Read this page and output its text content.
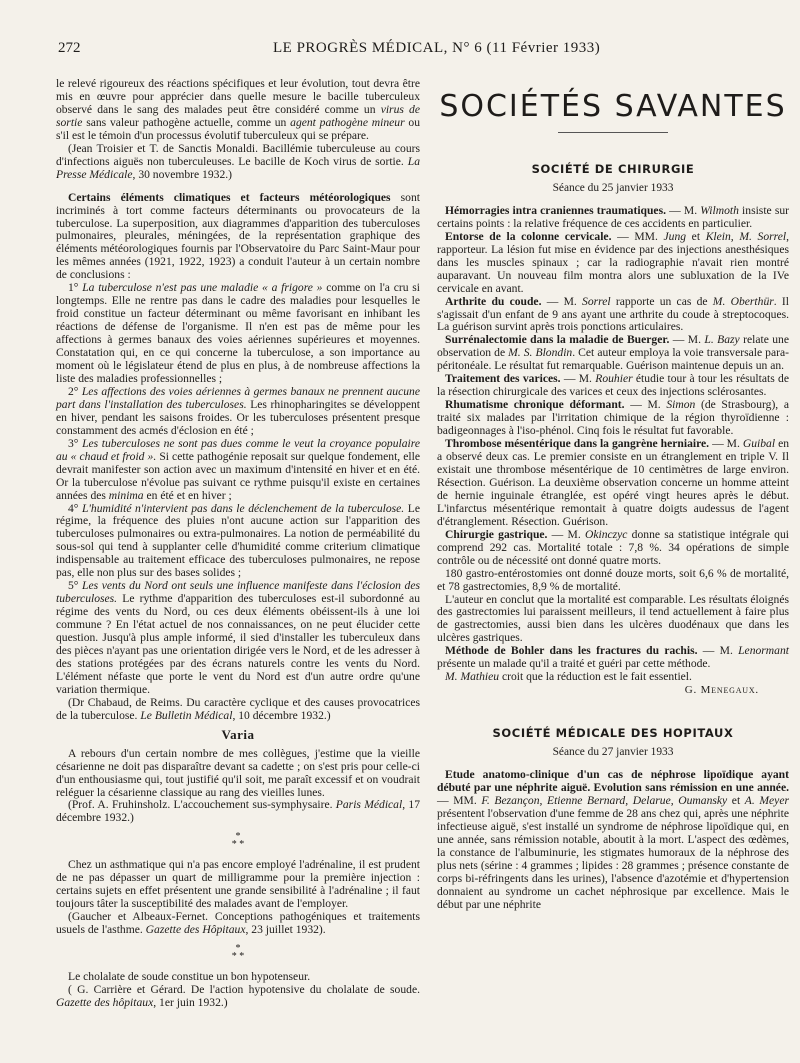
272	LE PROGRÈS MÉDICAL, N° 6 (11 Février 1933)

le relevé rigoureux des réactions spécifiques et leur évolution, tout devra être mis en œuvre pour apprécier dans quelle mesure le bacille tuberculeux observé dans le sang des malades peut être considéré comme un virus de sortie sans valeur pathogène actuelle, comme un agent pathogène mineur ou s'il est le témoin d'un processus évolutif tuberculeux qui se prépare.

(Jean Troisier et T. de Sanctis Monaldi. Bacillémie tuberculeuse au cours d'infections aiguës non tuberculeuses. Le bacille de Koch virus de sortie. La Presse Médicale, 30 novembre 1932.)

Certains éléments climatiques et facteurs météorologiques sont incriminés à tort comme facteurs déterminants ou provocateurs de la tuberculose. La superposition, aux diagrammes d'apparition des tuberculoses pulmonaires, pleurales, méningées, de la représentation graphique des éléments météorologiques fournis par l'Observatoire du Parc Saint-Maur pour les mêmes années (1921, 1922, 1923) a conduit l'auteur à un certain nombre de conclusions :

1° La tuberculose n'est pas une maladie « a frigore » comme on l'a cru si longtemps. Elle ne rentre pas dans le cadre des maladies pour lesquelles le froid constitue un facteur déterminant ou même favorisant en inhibant les réactions de défense de l'organisme. Il n'en est pas de même pour les affections à germes banaux des voies aériennes supérieures et moyennes. Constatation qui, en ce qui concerne la tuberculose, a son importance au moment où le législateur étend de plus en plus, à de nombreuse affections la liste des maladies professionnelles ;

2° Les affections des voies aériennes à germes banaux ne prennent aucune part dans l'installation des tuberculoses. Les rhinopharingites se développent en hiver, pendant les saisons froides. Or les tuberculoses présentent presque constamment des acmés d'éclosion en été ;

3° Les tuberculoses ne sont pas dues comme le veut la croyance populaire au « chaud et froid ». Si cette pathogénie reposait sur quelque fondement, elle devrait manifester son action avec un maximum d'intensité en hiver et en été. Or la tuberculose n'évolue pas suivant ce rythme puisqu'il existe en certaines années des minima en été et en hiver ;

4° L'humidité n'intervient pas dans le déclenchement de la tuberculose. Le régime, la fréquence des pluies n'ont aucune action sur l'apparition des tuberculoses pulmonaires ou extra-pulmonaires. La notion de perméabilité du sous-sol qui tend à supplanter celle d'humidité comme criterium climatique indispensable au traitement efficace des tuberculoses pulmonaires, ne repose pas, elle non plus sur des bases solides ;

5° Les vents du Nord ont seuls une influence manifeste dans l'éclosion des tuberculoses. Le rythme d'apparition des tuberculoses est-il subordonné au régime des vents du Nord, ou ces deux éléments obéissent-ils à une loi commune ? En l'état actuel de nos connaissances, on ne peut élucider cette question. Jusqu'à plus ample informé, il sied d'installer les tuberculeux dans des pièces n'ayant pas une orientation dirigée vers le Nord, et de les adresser à des stations protégées par des écrans naturels contre les vents du Nord. L'élément néfaste que porte le vent du Nord est d'un autre ordre qu'une variation thermique.

(Dr Chabaud, de Reims. Du caractère cyclique et des causes provocatrices de la tuberculose. Le Bulletin Médical, 10 décembre 1932.)

Varia

A rebours d'un certain nombre de mes collègues, j'estime que la vieille césarienne ne doit pas disparaître devant sa cadette ; on s'est pris pour celle-ci d'un enthousiasme qui, tout justifié qu'il soit, me paraît excessif et on voudrait reléguer la césarienne classique au rang des vieilles lunes.

(Prof. A. Fruhinsholz. L'accouchement sus-symphysaire. Paris Médical, 17 décembre 1932.)

*
* *

Chez un asthmatique qui n'a pas encore employé l'adrénaline, il est prudent de ne pas dépasser un quart de milligramme pour la première injection : certains sujets en effet présentent une grande sensibilité à l'adrénaline ; il faut toujours tâter la susceptibilité des malades avant de l'employer.

(Gaucher et Albeaux-Fernet. Conceptions pathogéniques et traitements usuels de l'asthme. Gazette des Hôpitaux, 23 juillet 1932).

*
* *

Le cholalate de soude constitue un bon hypotenseur.

( G. Carrière et Gérard. De l'action hypotensive du cholalate de soude. Gazette des hôpitaux, 1er juin 1932.)

SOCIÉTÉS SAVANTES
SOCIÉTÉ DE CHIRURGIE
Séance du 25 janvier 1933

Hémorragies intra craniennes traumatiques. — M. Wilmoth insiste sur certains points : la relative fréquence de ces accidents en particulier.

Entorse de la colonne cervicale. — MM. Jung et Klein, M. Sorrel, rapporteur. La lésion fut mise en évidence par des injections anesthésiques dans les muscles spinaux ; car la radiographie n'avait rien montré auparavant. Un nouveau film montra alors une subluxation de la IVe cervicale en avant.

Arthrite du coude. — M. Sorrel rapporte un cas de M. Oberthür. Il s'agissait d'un enfant de 9 ans ayant une arthrite du coude à streptocoques. La guérison survint après trois ponctions articulaires.

Surrénalectomie dans la maladie de Buerger. — M. L. Bazy relate une observation de M. S. Blondin. Cet auteur employa la voie transversale para-péritonéale. Le résultat fut remarquable. Guérison maintenue depuis un an.

Traitement des varices. — M. Rouhier étudie tour à tour les résultats de la résection chirurgicale des varices et ceux des injections sclérosantes.

Rhumatisme chronique déformant. — M. Simon (de Strasbourg), a traité six malades par l'irritation chimique de la région thyroïdienne : badigeonnages à l'iso-phénol. Cinq fois le résultat fut favorable.

Thrombose mésentérique dans la gangrène herniaire. — M. Guibal en a observé deux cas. Le premier consiste en un étranglement en triple V. Il existait une thrombose mésentérique de 10 centimètres de large environ. Résection. Guérison. La deuxième observation concerne un homme atteint de hernie inguinale étranglée, est opéré vingt heures après le début. L'infarctus mésentérique remontait à quatre doigts audessus de l'agent d'étranglement. Résection. Guérison.

Chirurgie gastrique. — M. Okinczyc donne sa statistique intégrale qui comprend 292 cas. Mortalité totale : 7,8 %. 34 opérations de simple contrôle ou de nécessité ont donné quatre morts.

180 gastro-entérostomies ont donné douze morts, soit 6,6 % de mortalité, et 78 gastrectomies, 8,9 % de mortalité.

L'auteur en conclut que la mortalité est comparable. Les résultats éloignés des gastrectomies lui paraissent meilleurs, il tend actuellement à faire plus de gastrectomies, aussi bien dans les ulcères duodénaux que dans les ulcères gastriques.

Méthode de Bohler dans les fractures du rachis. — M. Lenormant présente un malade qu'il a traité et guéri par cette méthode.

M. Mathieu croit que la réduction est le fait essentiel.

G. Menegaux.
SOCIÉTÉ MÉDICALE DES HOPITAUX
Séance du 27 janvier 1933

Etude anatomo-clinique d'un cas de néphrose lipoïdique ayant débuté par une néphrite aiguë. Evolution sans rémission en une année. — MM. F. Bezançon, Etienne Bernard, Delarue, Oumansky et A. Meyer présentent l'observation d'une femme de 28 ans chez qui, après une néphrite infectieuse aiguë, s'est installé un syndrome de néphrose lipoïdique qui, en une année, sans rémission notable, aboutit à la mort. L'aspect des œdèmes, la constance de l'albuminurie, les stigmates humoraux de la néphrose des plus nets (sérine : 4 grammes ; lipides : 28 grammes ; présence constante de corps bi-réfringents dans les urines), l'absence d'azotémie et d'hypertension donnaient au syndrome un cachet néphrosique par excellence. Mais le début par une néphrite
